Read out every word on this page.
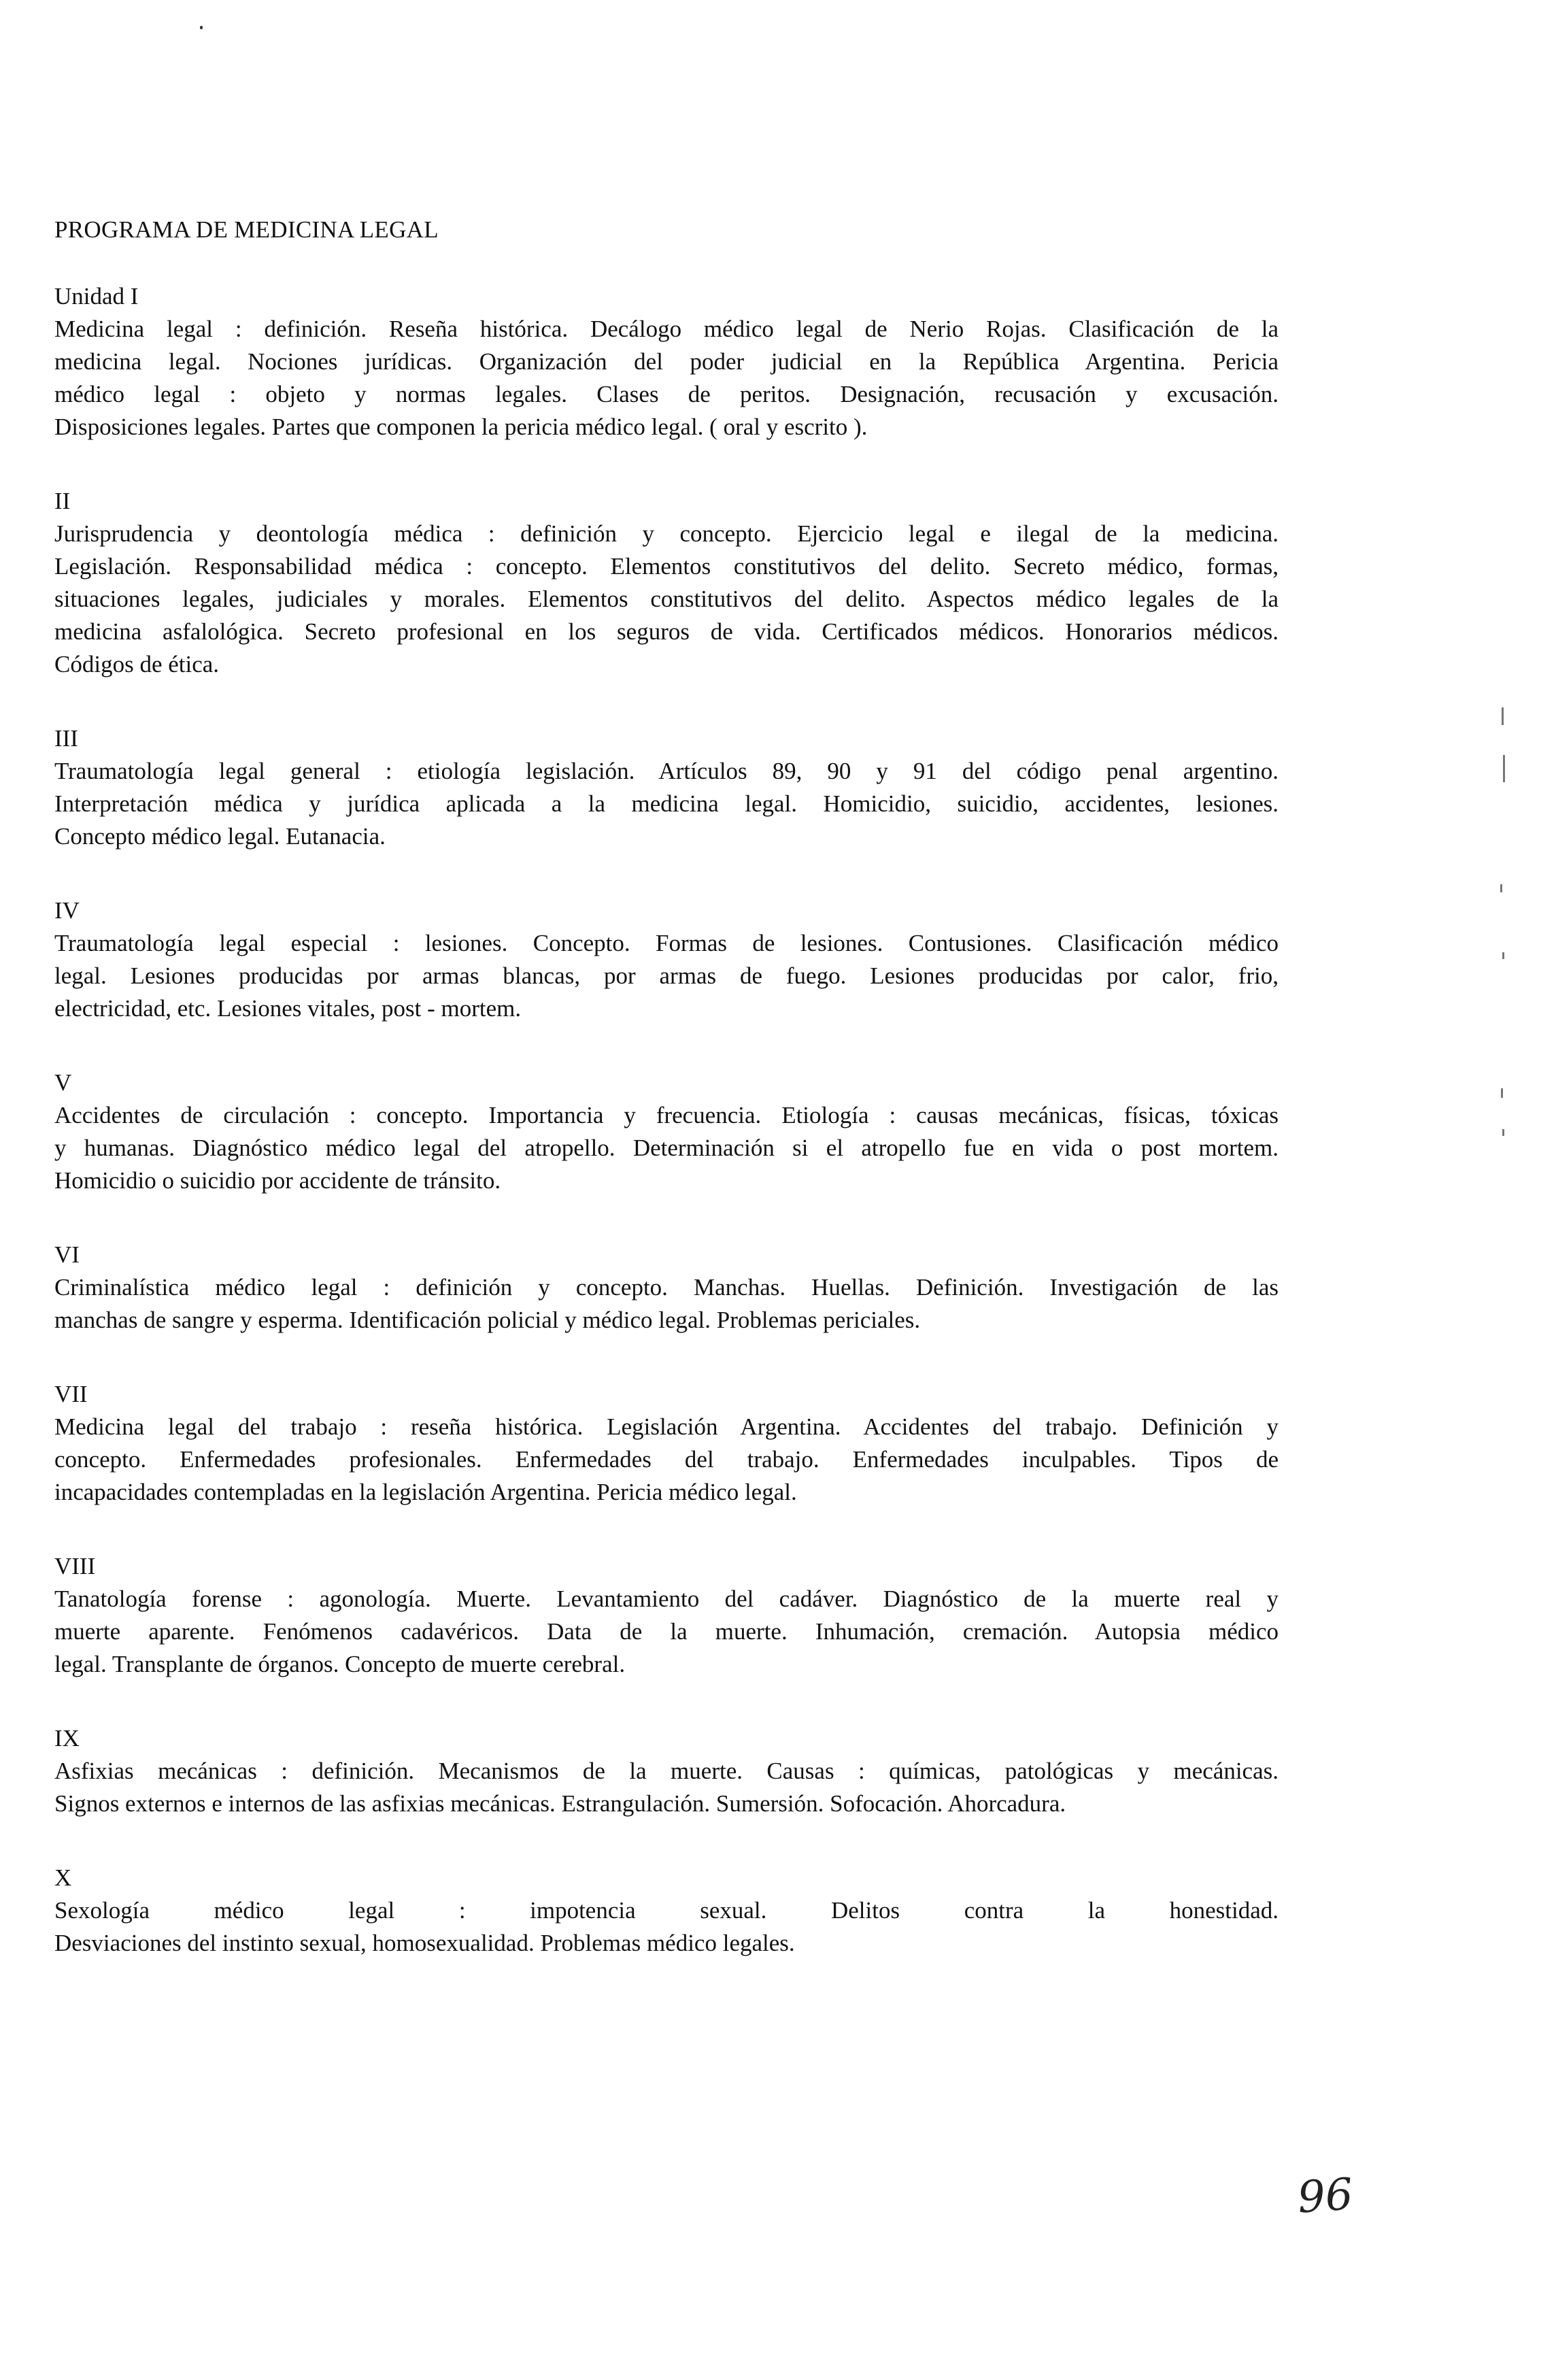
PROGRAMA DE MEDICINA LEGAL
Unidad I
Medicina legal : definición. Reseña histórica. Decálogo médico legal de Nerio Rojas. Clasificación de la
medicina legal. Nociones jurídicas. Organización del poder judicial en la República Argentina. Pericia
médico legal : objeto y normas legales. Clases de peritos. Designación, recusación y excusación.
Disposiciones legales. Partes que componen la pericia médico legal. ( oral y escrito ).
II
Jurisprudencia y deontología médica : definición y concepto. Ejercicio legal e ilegal de la medicina.
Legislación. Responsabilidad médica : concepto. Elementos constitutivos del delito. Secreto médico, formas,
situaciones legales, judiciales y morales. Elementos constitutivos del delito. Aspectos médico legales de la
medicina asfalológica. Secreto profesional en los seguros de vida. Certificados médicos. Honorarios médicos.
Códigos de ética.
III
Traumatología legal general : etiología legislación. Artículos 89, 90 y 91 del código penal argentino.
Interpretación médica y jurídica aplicada a la medicina legal. Homicidio, suicidio, accidentes, lesiones.
Concepto médico legal. Eutanacia.
IV
Traumatología legal especial : lesiones. Concepto. Formas de lesiones. Contusiones. Clasificación médico
legal. Lesiones producidas por armas blancas, por armas de fuego. Lesiones producidas por calor, frio,
electricidad, etc. Lesiones vitales, post - mortem.
V
Accidentes de circulación : concepto. Importancia y frecuencia. Etiología : causas mecánicas, físicas, tóxicas
y humanas. Diagnóstico médico legal del atropello. Determinación si el atropello fue en vida o post mortem.
Homicidio o suicidio por accidente de tránsito.
VI
Criminalística médico legal : definición y concepto. Manchas. Huellas. Definición. Investigación de las
manchas de sangre y esperma. Identificación policial y médico legal. Problemas periciales.
VII
Medicina legal del trabajo : reseña histórica. Legislación Argentina. Accidentes del trabajo. Definición y
concepto. Enfermedades profesionales. Enfermedades del trabajo. Enfermedades inculpables. Tipos de
incapacidades contempladas en la legislación Argentina. Pericia médico legal.
VIII
Tanatología forense : agonología. Muerte. Levantamiento del cadáver. Diagnóstico de la muerte real y
muerte aparente. Fenómenos cadavéricos. Data de la muerte. Inhumación, cremación. Autopsia médico
legal. Transplante de órganos. Concepto de muerte cerebral.
IX
Asfixias mecánicas : definición. Mecanismos de la muerte. Causas : químicas, patológicas y mecánicas.
Signos externos e internos de las asfixias mecánicas. Estrangulación. Sumersión. Sofocación. Ahorcadura.
X
Sexología médico legal : impotencia sexual. Delitos contra la honestidad.
Desviaciones del instinto sexual, homosexualidad. Problemas médico legales.
96
